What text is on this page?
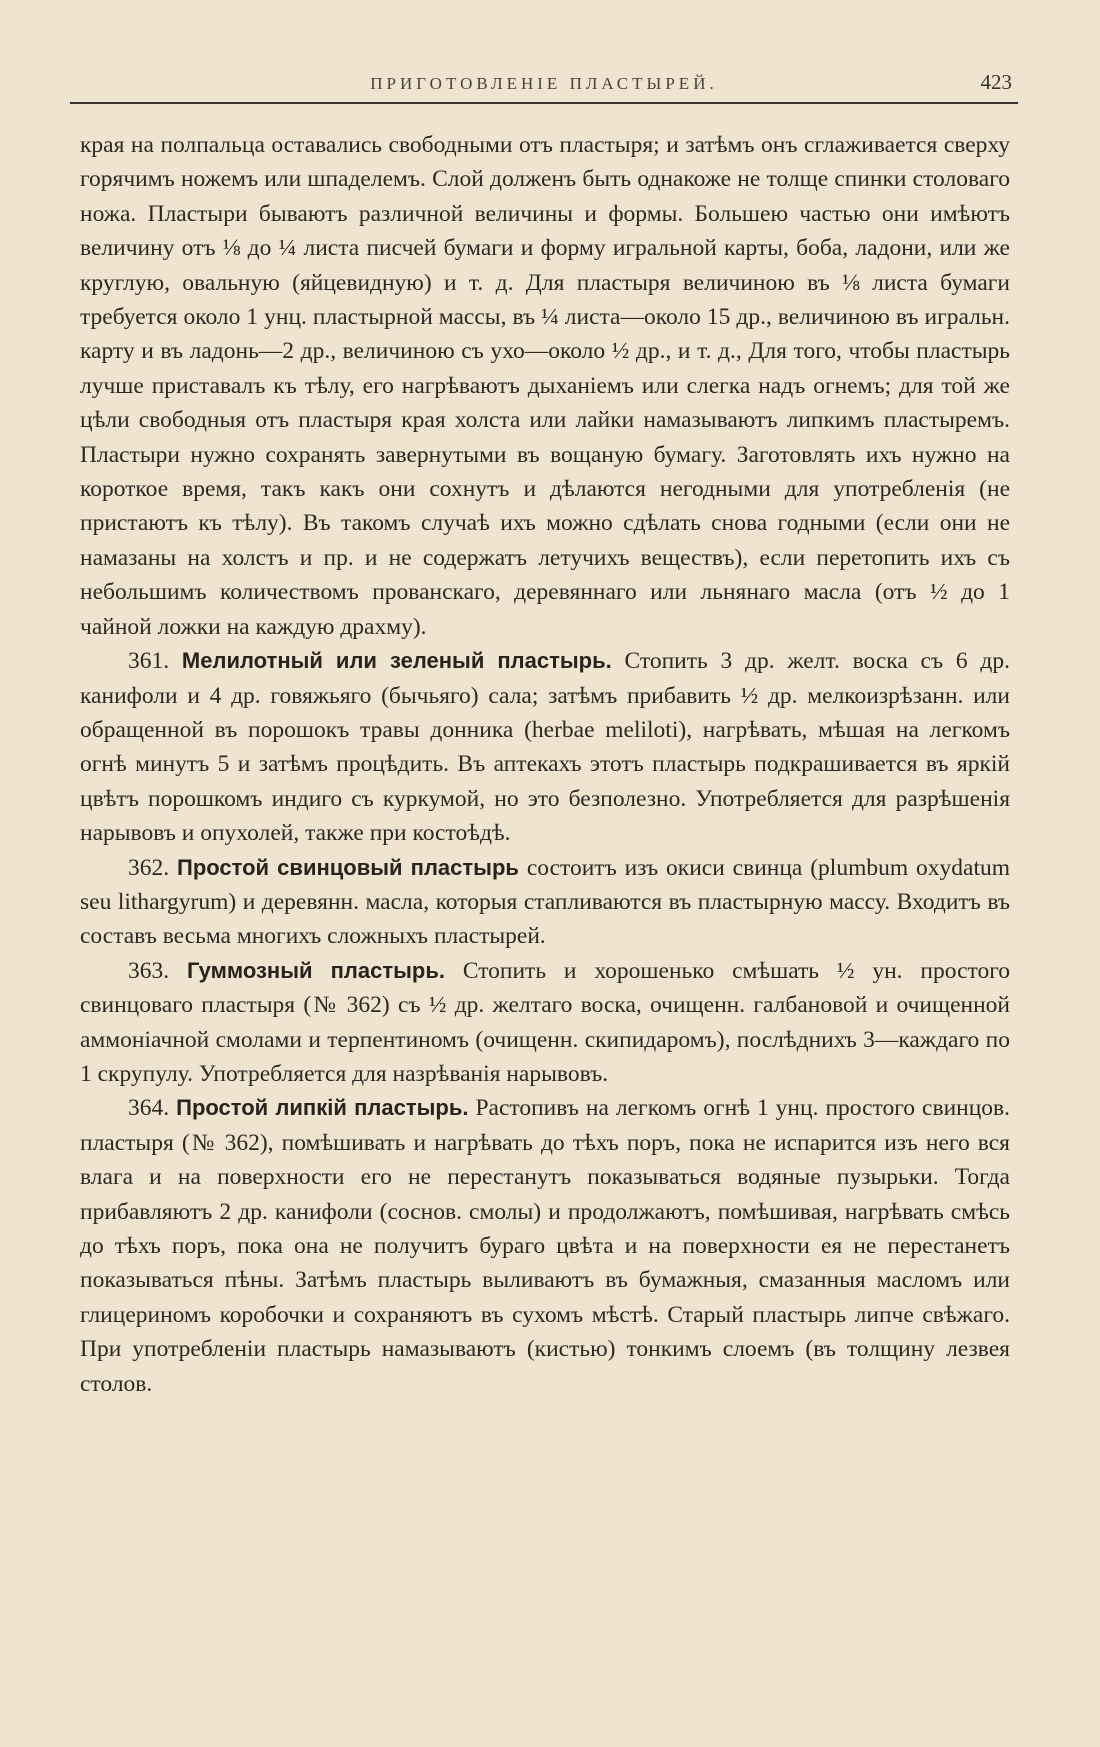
ПРИГОТОВЛЕНІЕ ПЛАСТЫРЕЙ.	423

края на полпальца оставались свободными отъ пластыря; и затѣмъ онъ сглаживается сверху горячимъ ножемъ или шпаделемъ. Слой долженъ быть однакоже не толще спинки столоваго ножа. Пластыри бываютъ различной величины и формы. Большею частью они имѣютъ величину отъ ⅛ до ¼ листа писчей бумаги и форму игральной карты, боба, ладони, или же круглую, овальную (яйцевидную) и т. д. Для пластыря величиною въ ⅛ листа бумаги требуется около 1 унц. пластырной массы, въ ¼ листа—около 15 др., величиною въ игральн. карту и въ ладонь—2 др., величиною съ ухо—около ½ др., и т. д., Для того, чтобы пластырь лучше приставалъ къ тѣлу, его нагрѣваютъ дыханіемъ или слегка надъ огнемъ; для той же цѣли свободныя отъ пластыря края холста или лайки намазываютъ липкимъ пластыремъ. Пластыри нужно сохранять завернутыми въ вощаную бумагу. Заготовлять ихъ нужно на короткое время, такъ какъ они сохнутъ и дѣлаются негодными для употребленія (не пристаютъ къ тѣлу). Въ такомъ случаѣ ихъ можно сдѣлать снова годными (если они не намазаны на холстъ и пр. и не содержатъ летучихъ веществъ), если перетопить ихъ съ небольшимъ количествомъ прованскаго, деревяннаго или льнянаго масла (отъ ½ до 1 чайной ложки на каждую драхму).

361. Мелилотный или зеленый пластырь. Стопить 3 др. желт. воска съ 6 др. канифоли и 4 др. говяжьяго (бычьяго) сала; затѣмъ прибавить ½ др. мелкоизрѣзанн. или обращенной въ порошокъ травы донника (herbae meliloti), нагрѣвать, мѣшая на легкомъ огнѣ минутъ 5 и затѣмъ процѣдить. Въ аптекахъ этотъ пластырь подкрашивается въ яркій цвѣтъ порошкомъ индиго съ куркумой, но это безполезно. Употребляется для разрѣшенія нарывовъ и опухолей, также при костоѣдѣ.

362. Простой свинцовый пластырь состоитъ изъ окиси свинца (plumbum oxydatum seu lithargyrum) и деревянн. масла, которыя стапливаются въ пластырную массу. Входитъ въ составъ весьма многихъ сложныхъ пластырей.

363. Гуммозный пластырь. Стопить и хорошенько смѣшать ½ ун. простого свинцоваго пластыря (№ 362) съ ½ др. желтаго воска, очищенн. галбановой и очищенной аммоніачной смолами и терпентиномъ (очищенн. скипидаромъ), послѣднихъ 3—каждаго по 1 скрупулу. Употребляется для назрѣванія нарывовъ.

364. Простой липкій пластырь. Растопивъ на легкомъ огнѣ 1 унц. простого свинцов. пластыря (№ 362), помѣшивать и нагрѣвать до тѣхъ поръ, пока не испарится изъ него вся влага и на поверхности его не перестанутъ показываться водяные пузырьки. Тогда прибавляютъ 2 др. канифоли (соснов. смолы) и продолжаютъ, помѣшивая, нагрѣвать смѣсь до тѣхъ поръ, пока она не получитъ бураго цвѣта и на поверхности ея не перестанетъ показываться пѣны. Затѣмъ пластырь выливаютъ въ бумажныя, смазанныя масломъ или глицериномъ коробочки и сохраняютъ въ сухомъ мѣстѣ. Старый пластырь липче свѣжаго. При употребленіи пластырь намазываютъ (кистью) тонкимъ слоемъ (въ толщину лезвея столов.
